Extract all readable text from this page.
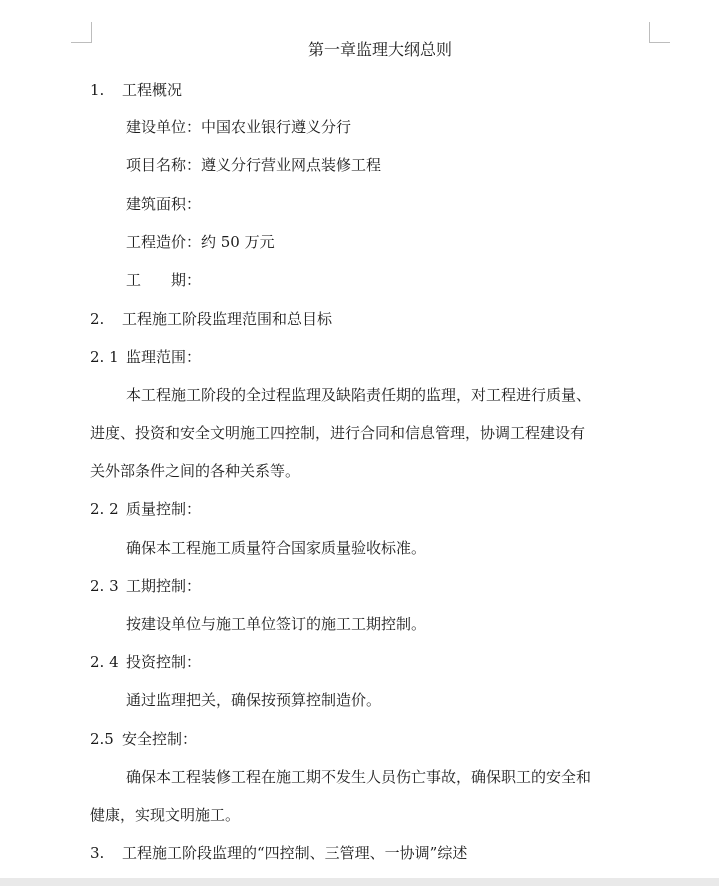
第一章监理大纲总则
1. 工程概况
建设单位：中国农业银行遵义分行
项目名称：遵义分行营业网点装修工程
建筑面积：
工程造价：约 50 万元
工　　期：
2. 工程施工阶段监理范围和总目标
2. 1 监理范围：
本工程施工阶段的全过程监理及缺陷责任期的监理，对工程进行质量、
进度、投资和安全文明施工四控制，进行合同和信息管理，协调工程建设有
关外部条件之间的各种关系等。
2. 2 质量控制：
确保本工程施工质量符合国家质量验收标准。
2. 3 工期控制：
按建设单位与施工单位签订的施工工期控制。
2. 4 投资控制：
通过监理把关，确保按预算控制造价。
2.5 安全控制：
确保本工程装修工程在施工期不发生人员伤亡事故，确保职工的安全和
健康，实现文明施工。
3. 工程施工阶段监理的“四控制、三管理、一协调”综述
